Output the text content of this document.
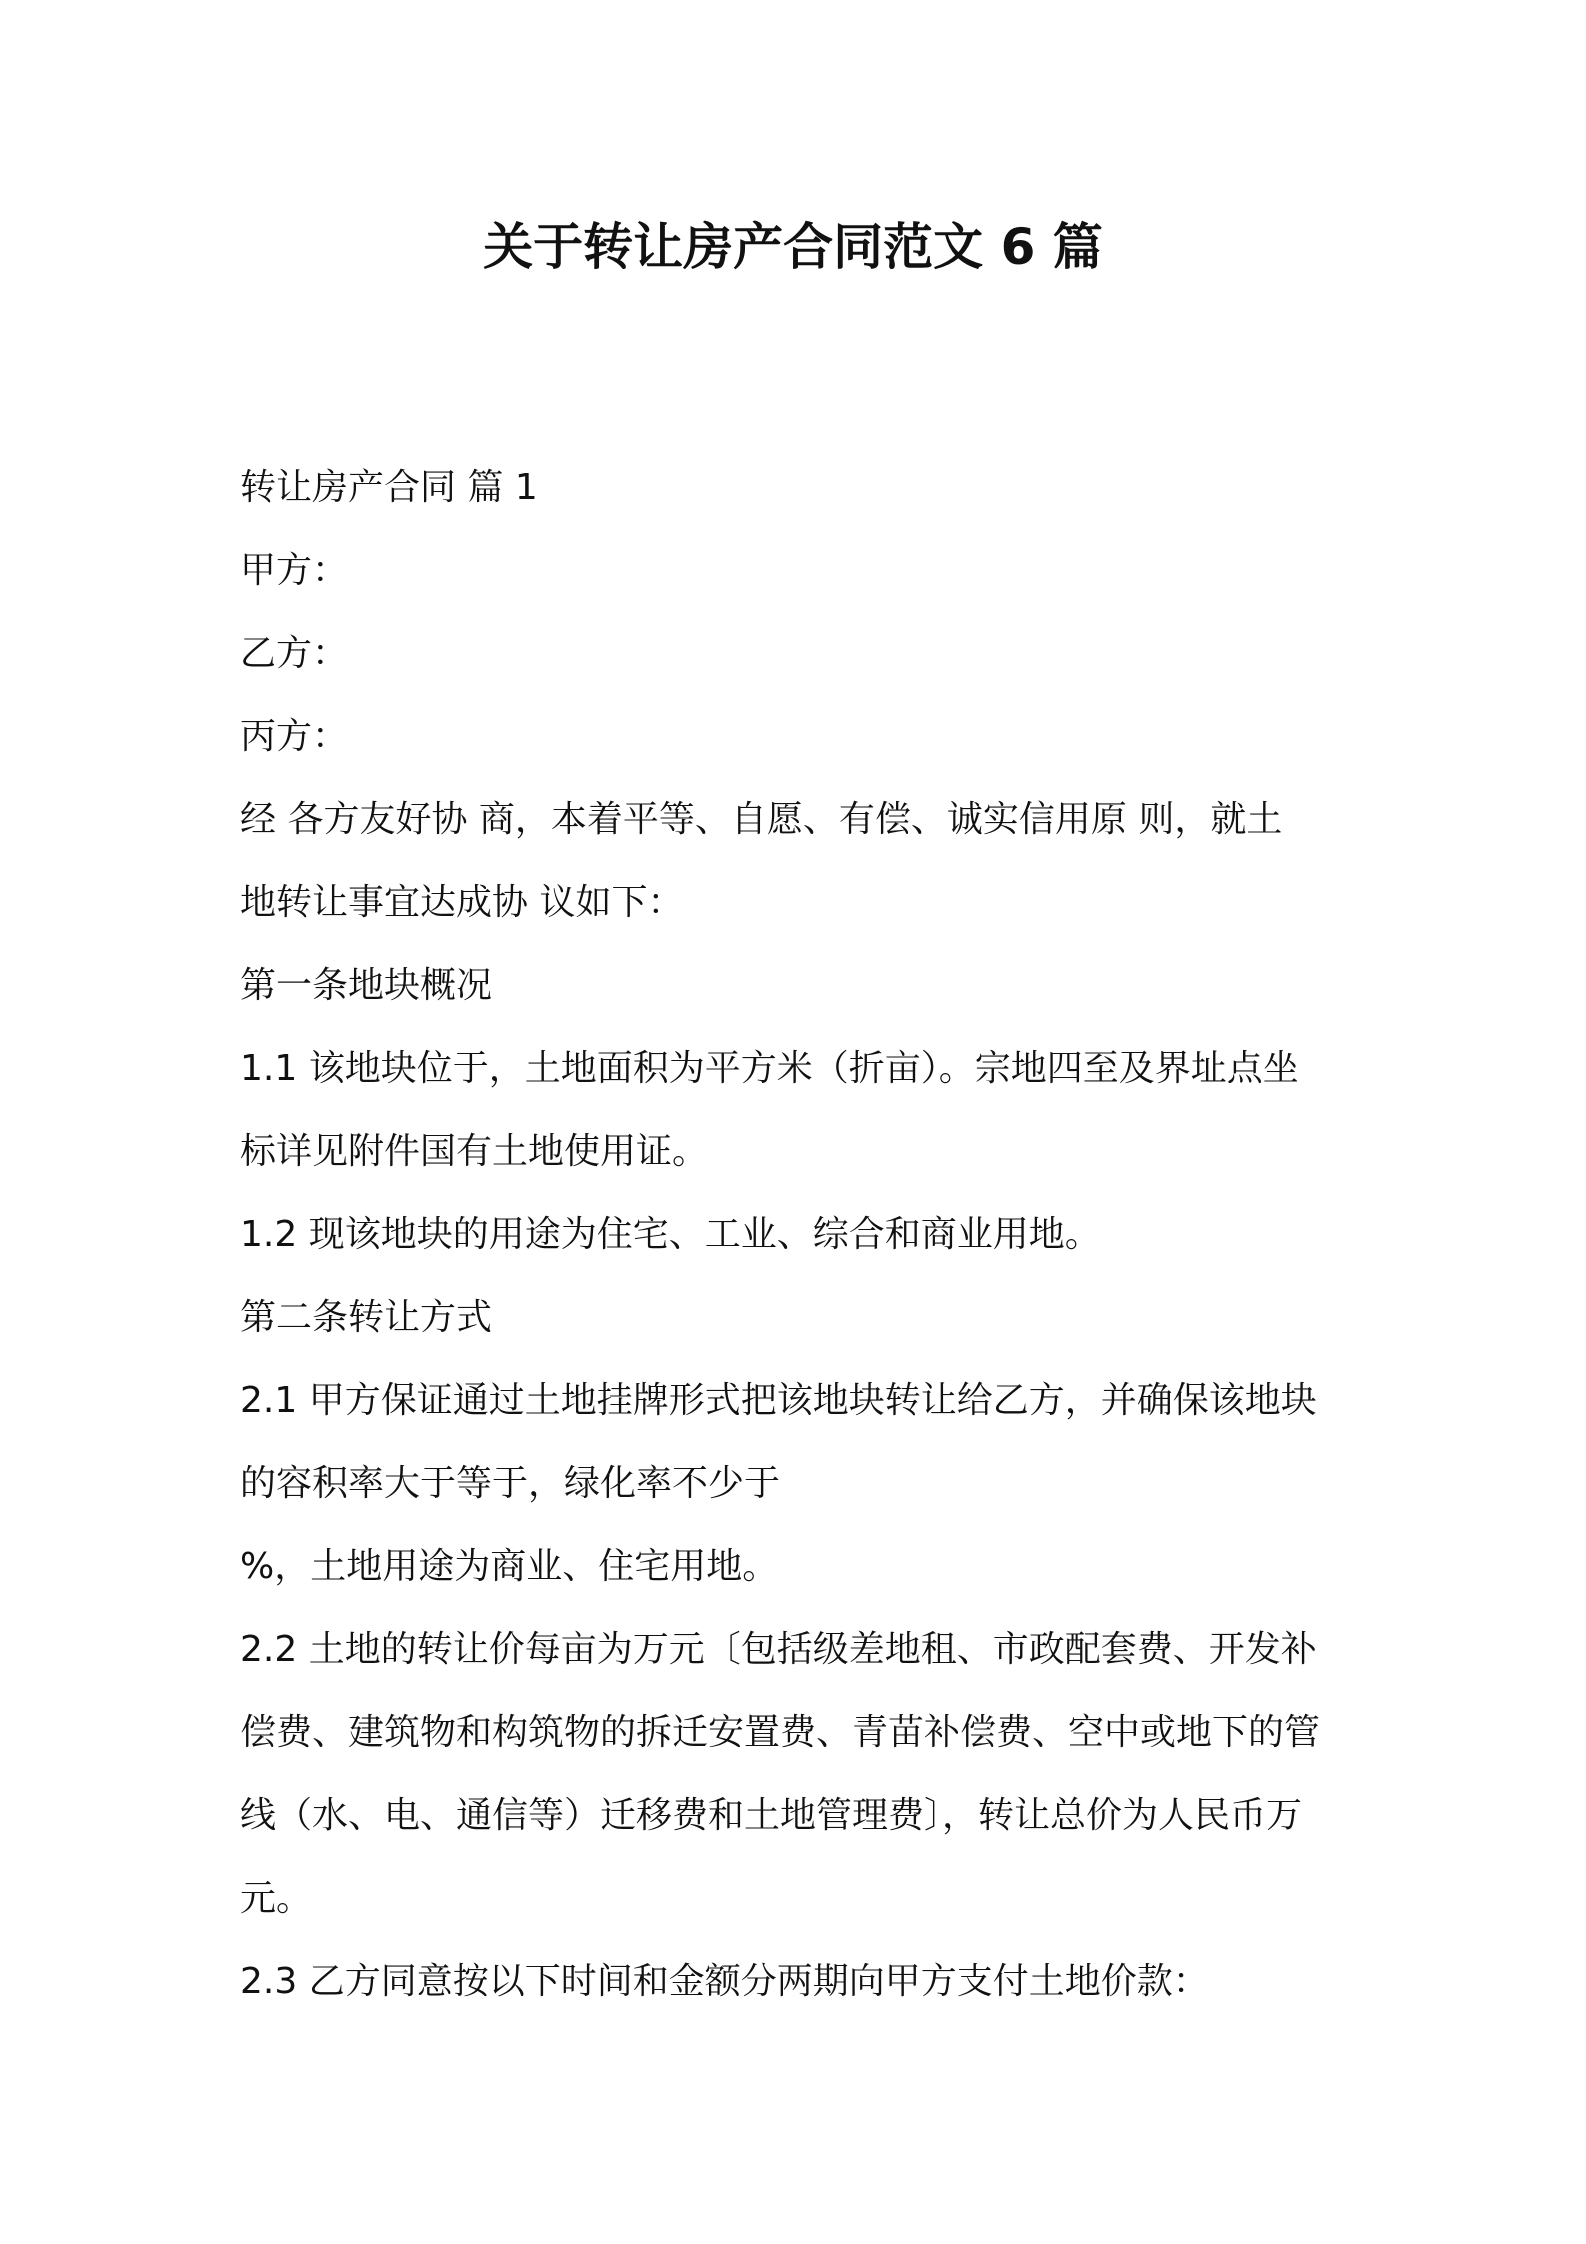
关于转让房产合同范文 6 篇

转让房产合同 篇 1

甲方：

乙方：

丙方：

经 各方友好协 商，本着平等、自愿、有偿、诚实信用原 则，就土

地转让事宜达成协 议如下：

第一条地块概况

1.1 该地块位于，土地面积为平方米（折亩）。宗地四至及界址点坐

标详见附件国有土地使用证。

1.2 现该地块的用途为住宅、工业、综合和商业用地。

第二条转让方式

2.1 甲方保证通过土地挂牌形式把该地块转让给乙方，并确保该地块

的容积率大于等于，绿化率不少于

%，土地用途为商业、住宅用地。

2.2 土地的转让价每亩为万元〔包括级差地租、市政配套费、开发补

偿费、建筑物和构筑物的拆迁安置费、青苗补偿费、空中或地下的管

线（水、电、通信等）迁移费和土地管理费〕，转让总价为人民币万

元。

2.3 乙方同意按以下时间和金额分两期向甲方支付土地价款：
